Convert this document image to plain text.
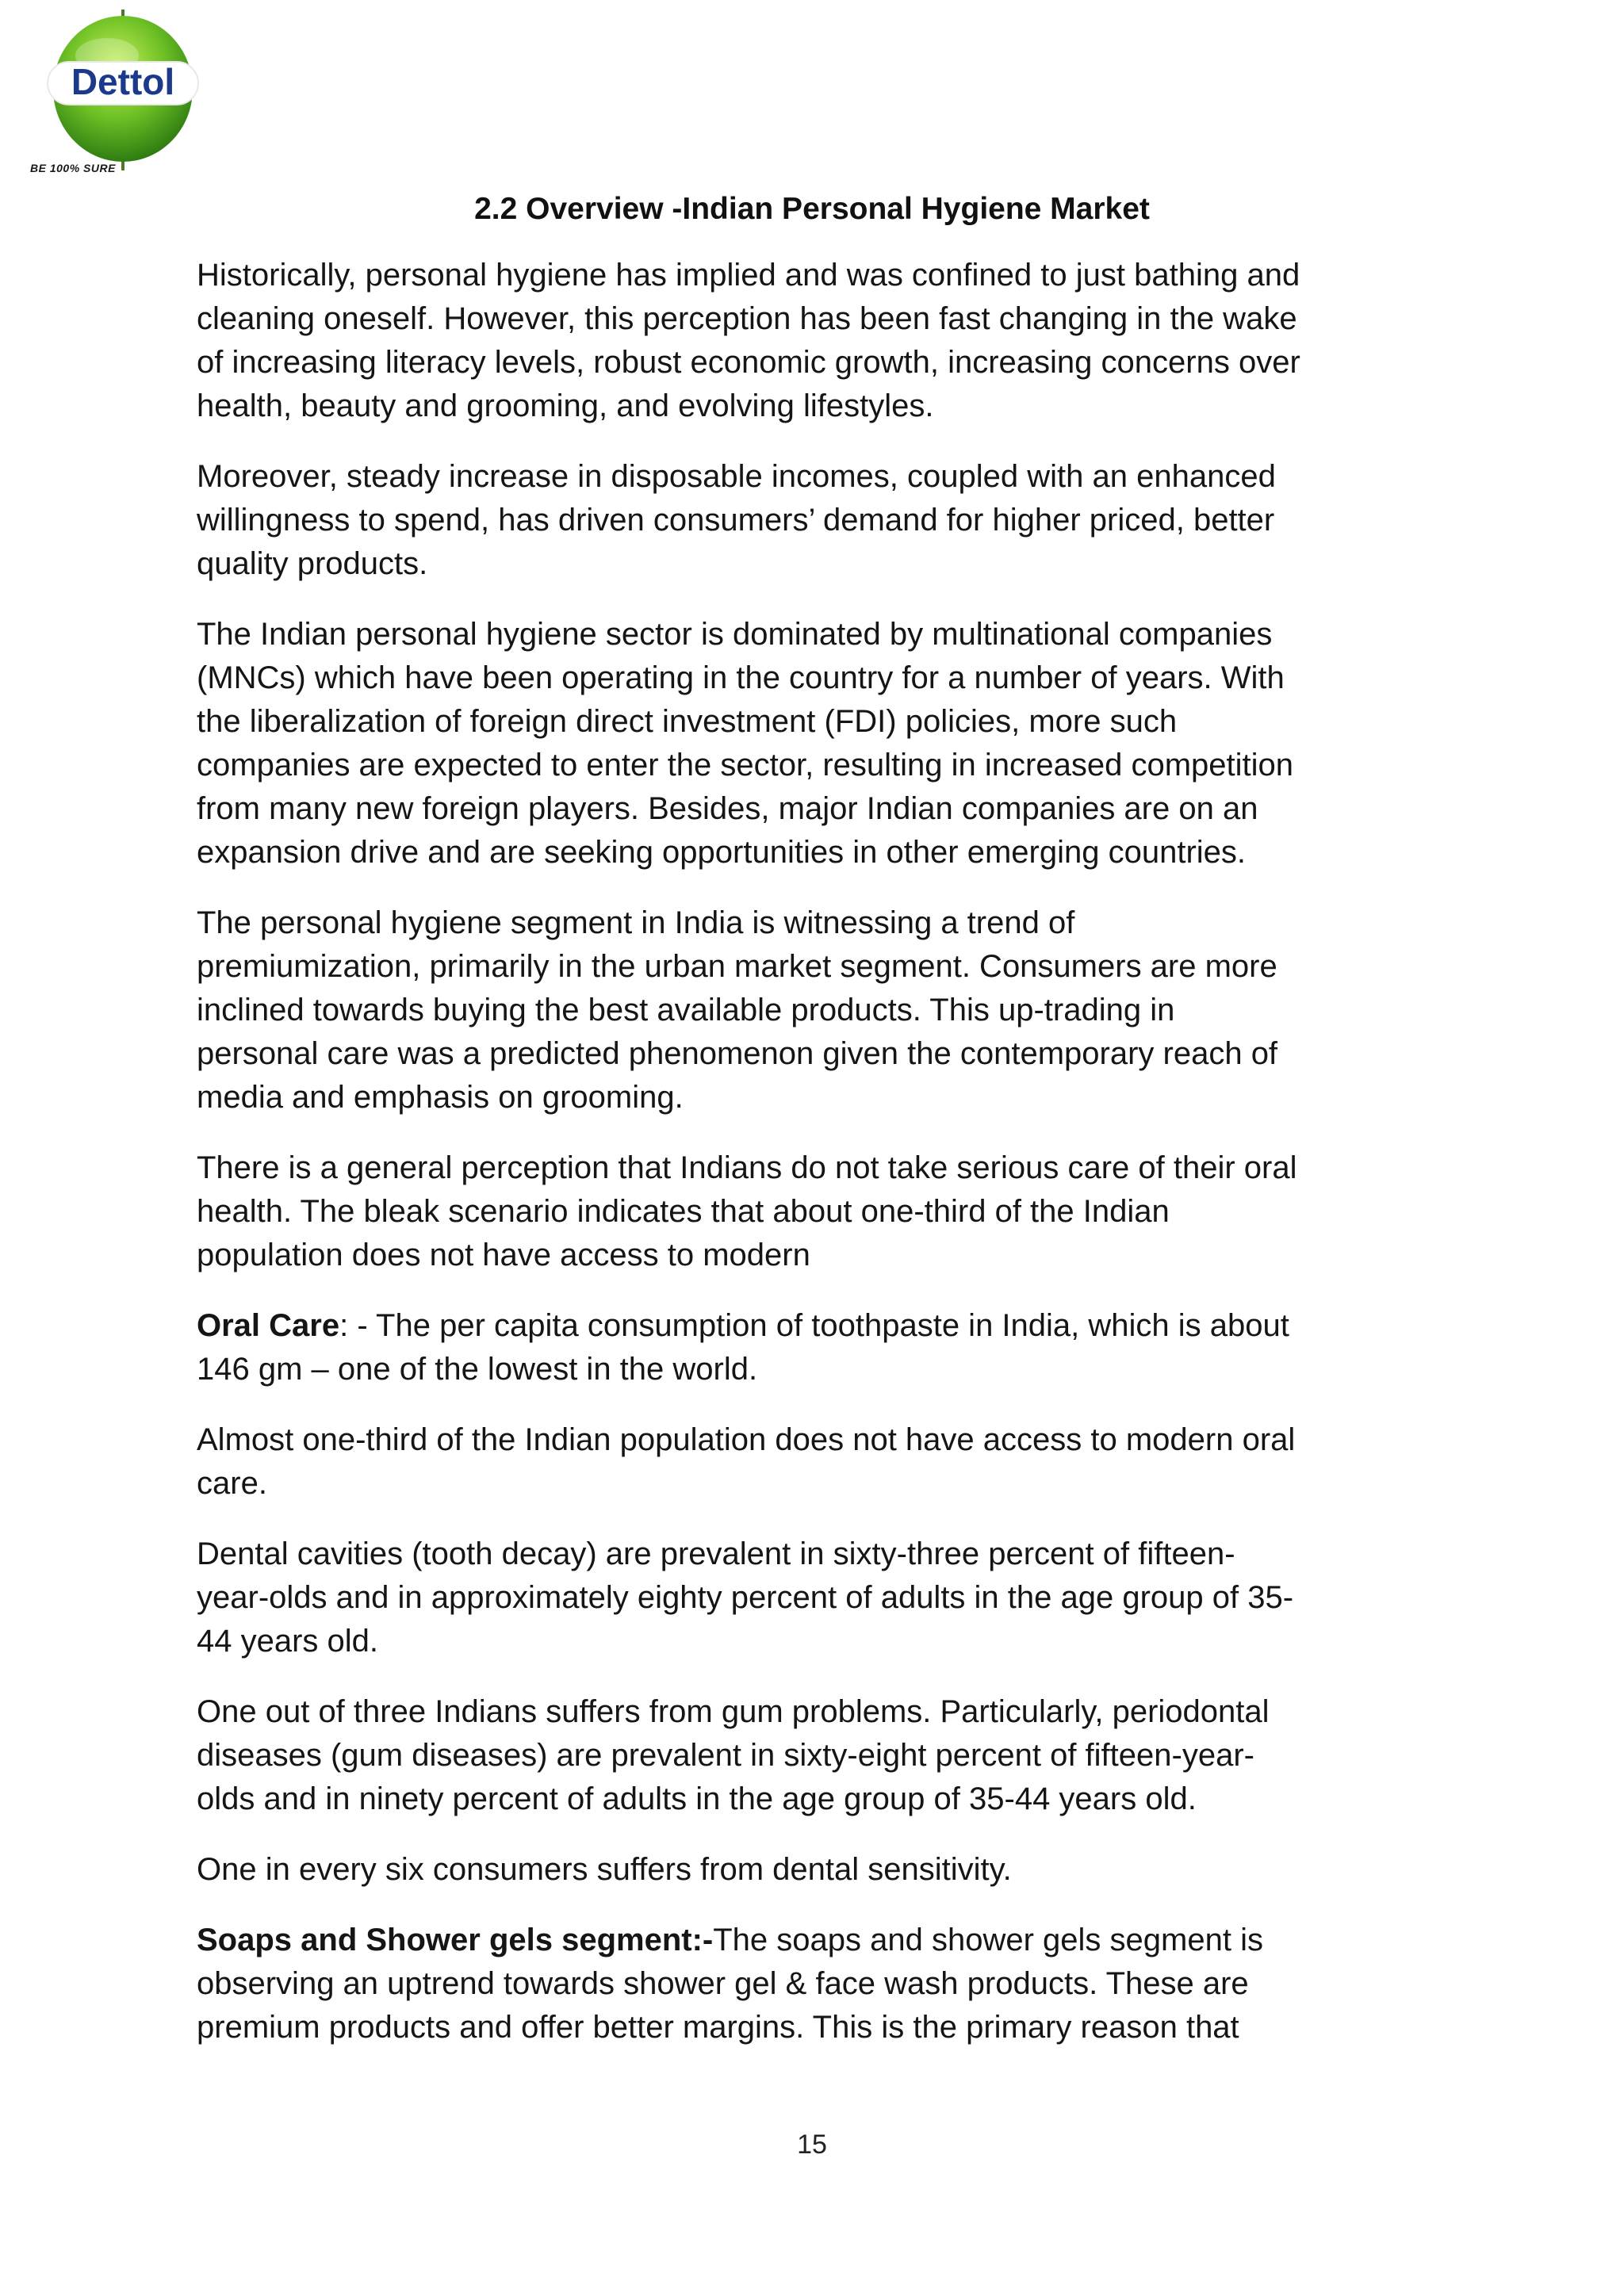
Dettol
BE 100% SURE
2.2 Overview -Indian Personal Hygiene Market

Historically, personal hygiene has implied and was confined to just bathing and
cleaning oneself. However, this perception has been fast changing in the wake
of increasing literacy levels, robust economic growth, increasing concerns over
health, beauty and grooming, and evolving lifestyles.

Moreover, steady increase in disposable incomes, coupled with an enhanced
willingness to spend, has driven consumers’ demand for higher priced, better
quality products.

The Indian personal hygiene sector is dominated by multinational companies
(MNCs) which have been operating in the country for a number of years. With
the liberalization of foreign direct investment (FDI) policies, more such
companies are expected to enter the sector, resulting in increased competition
from many new foreign players. Besides, major Indian companies are on an
expansion drive and are seeking opportunities in other emerging countries.

The personal hygiene segment in India is witnessing a trend of
premiumization, primarily in the urban market segment. Consumers are more
inclined towards buying the best available products. This up-trading in
personal care was a predicted phenomenon given the contemporary reach of
media and emphasis on grooming.

There is a general perception that Indians do not take serious care of their oral
health. The bleak scenario indicates that about one-third of the Indian
population does not have access to modern

Oral Care: - The per capita consumption of toothpaste in India, which is about
146 gm – one of the lowest in the world.

Almost one-third of the Indian population does not have access to modern oral
care.

Dental cavities (tooth decay) are prevalent in sixty-three percent of fifteen-
year-olds and in approximately eighty percent of adults in the age group of 35-
44 years old.

One out of three Indians suffers from gum problems. Particularly, periodontal
diseases (gum diseases) are prevalent in sixty-eight percent of fifteen-year-
olds and in ninety percent of adults in the age group of 35-44 years old.

One in every six consumers suffers from dental sensitivity.

Soaps and Shower gels segment:-The soaps and shower gels segment is
observing an uptrend towards shower gel & face wash products. These are
premium products and offer better margins. This is the primary reason that

15
